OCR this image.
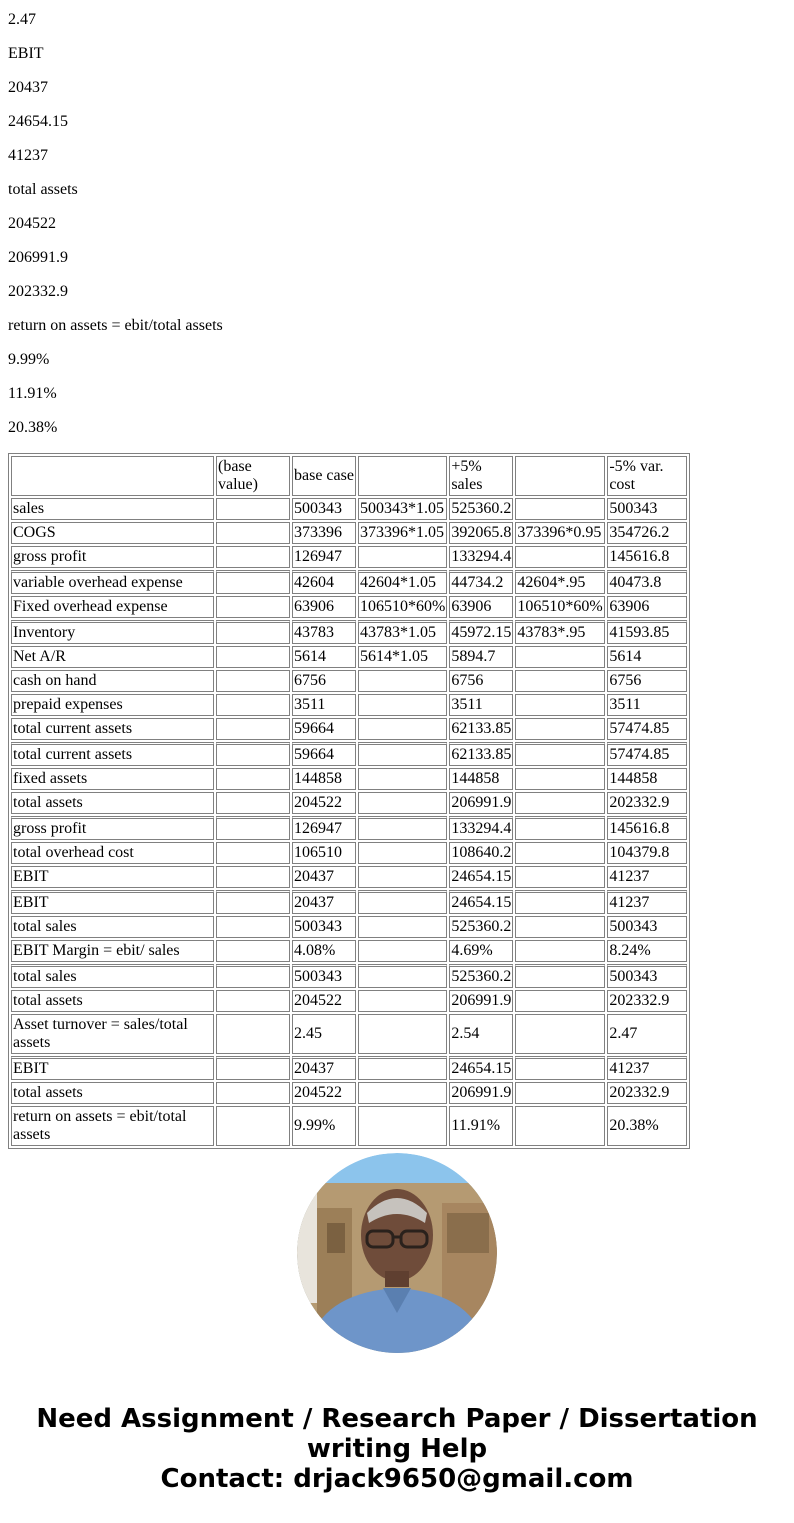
2.47

EBIT

20437

24654.15

41237

total assets

204522

206991.9

202332.9

return on assets = ebit/total assets

9.99%

11.91%

20.38%

	(base value)	base case		+5% sales		-5% var. cost
sales		500343	500343*1.05	525360.2		500343
COGS		373396	373396*1.05	392065.8	373396*0.95	354726.2
gross profit		126947		133294.4		145616.8
variable overhead expense		42604	42604*1.05	44734.2	42604*.95	40473.8
Fixed overhead expense		63906	106510*60%	63906	106510*60%	63906
Inventory		43783	43783*1.05	45972.15	43783*.95	41593.85
Net A/R		5614	5614*1.05	5894.7		5614
cash on hand		6756		6756		6756
prepaid expenses		3511		3511		3511
total current assets		59664		62133.85		57474.85
total current assets		59664		62133.85		57474.85
fixed assets		144858		144858		144858
total assets		204522		206991.9		202332.9
gross profit		126947		133294.4		145616.8
total overhead cost		106510		108640.2		104379.8
EBIT		20437		24654.15		41237
EBIT		20437		24654.15		41237
total sales		500343		525360.2		500343
EBIT Margin = ebit/ sales		4.08%		4.69%		8.24%
total sales		500343		525360.2		500343
total assets		204522		206991.9		202332.9
Asset turnover = sales/total assets		2.45		2.54		2.47
EBIT		20437		24654.15		41237
total assets		204522		206991.9		202332.9
return on assets = ebit/total assets		9.99%		11.91%		20.38%
Need Assignment / Research Paper / Dissertation
writing Help
Contact: drjack9650@gmail.com
